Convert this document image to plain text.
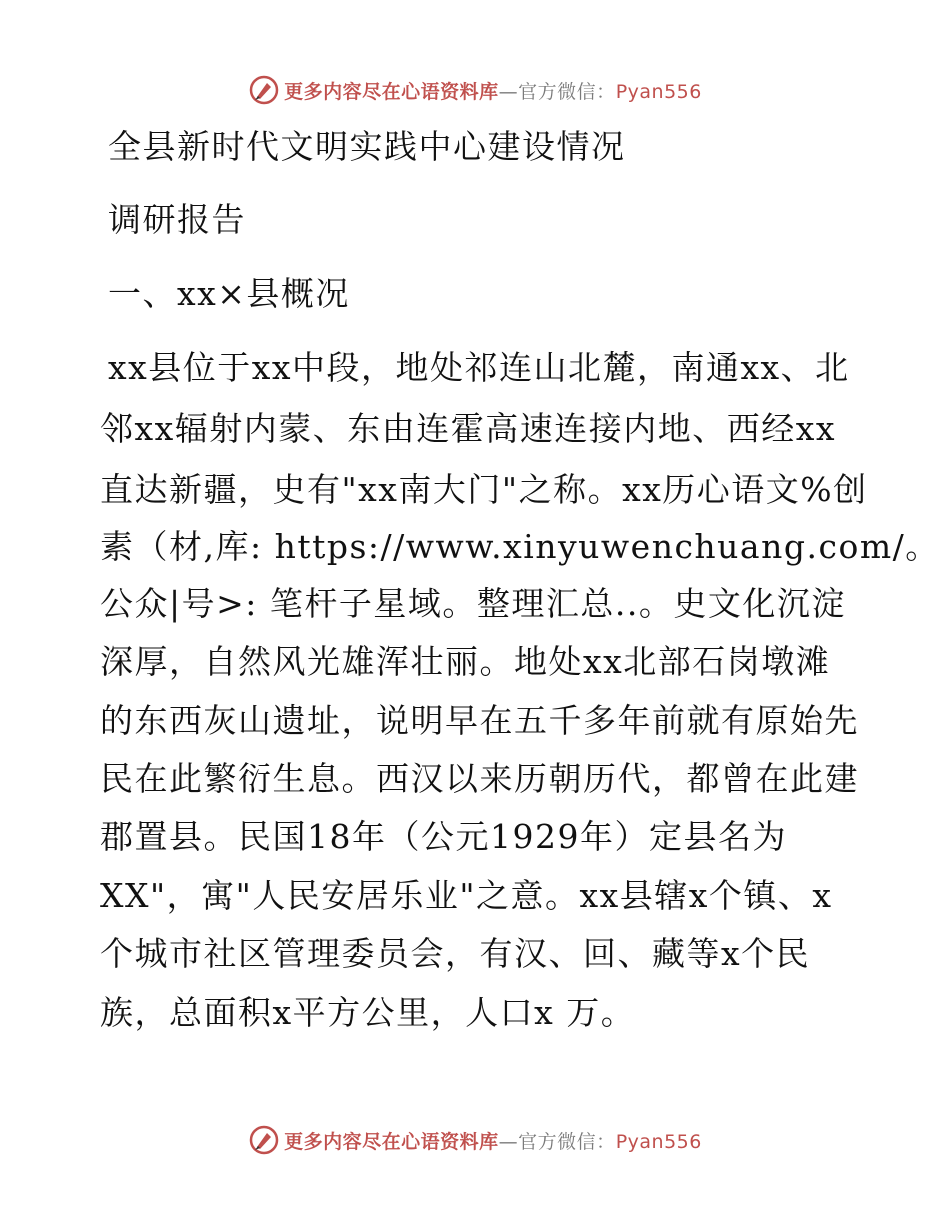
更多内容尽在心语资料库—官方微信：Pyan556
全县新时代文明实践中心建设情况
调研报告
一、xx×县概况
xx县位于xx中段，地处祁连山北麓，南通xx、北
邻xx辐射内蒙、东由连霍高速连接内地、西经xx
直达新疆，史有"xx南大门"之称。xx历心语文%创
素（材,库: https://www.xinyuwenchuang.com/。
公众|号>: 笔杆子星域。整理汇总..。史文化沉淀
深厚，自然风光雄浑壮丽。地处xx北部石岗墩滩
的东西灰山遗址，说明早在五千多年前就有原始先
民在此繁衍生息。西汉以来历朝历代，都曾在此建
郡置县。民国18年（公元1929年）定县名为
XX"，寓"人民安居乐业"之意。xx县辖x个镇、x
个城市社区管理委员会，有汉、回、藏等x个民
族，总面积x平方公里，人口x 万。
更多内容尽在心语资料库—官方微信：Pyan556
